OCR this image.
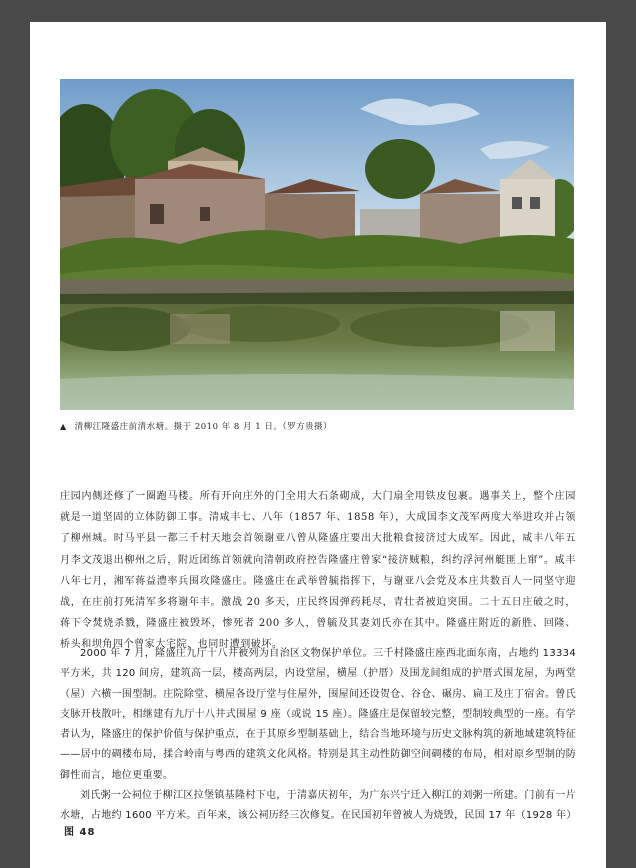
▲ 清柳江隆盛庄前清水塘。摄于 2010 年 8 月 1 日。（罗方贵摄）

庄园内侧还修了一圈跑马楼。所有开向庄外的门全用大石条砌成，大门扇全用铁皮包裹。遇事关上，整个庄园就是一道坚固的立体防御工事。清咸丰七、八年（1857 年、1858 年），大成国李文茂军两度大举进攻并占领了柳州城。时马平县一都三千村天地会首领谢亚八曾从隆盛庄要出大批粮食接济过大成军。因此，咸丰八年五月李文茂退出柳州之后，附近团练首领就向清朝政府控告隆盛庄曾家“接济贼粮，纠约浮河州艇匪上窜”。咸丰八年七月，湘军蒋益澧率兵围攻隆盛庄。隆盛庄在武举曾毓指挥下，与谢亚八会党及本庄共数百人一同坚守迎战，在庄前打死清军多将谢年丰。激战 20 多天，庄民终因弹药耗尽，青壮者被迫突围。二十五日庄破之时，蒋下令焚烧杀戮，隆盛庄被毁坏，惨死者 200 多人，曾毓及其妻刘氏亦在其中。隆盛庄附近的新胜、回隆、桥头和坝角四个曾家大宅院，也同时遭到破坏。

2000 年 7 月，隆盛庄九厅十八井被列为自治区文物保护单位。三千村隆盛庄座西北面东南，占地约 13334 平方米，共 120 间房，建筑高一层，楼高两层，内设堂屋，横屋（护厝）及围龙间组成的护厝式围龙屋，为两堂（屋）六横一围型制。庄院除堂、横屋各设厅堂与住屋外，围屋间还设贺仓、谷仓、碾房、扁工及庄丁宿舍。曾氏支脉开枝散叶，相继建有九厅十八井式围屋 9 座（或说 15 座）。隆盛庄是保留较完整，型制较典型的一座。有学者认为，隆盛庄的保护价值与保护重点，在于其原乡型制基础上，结合当地环境与历史文脉构筑的新地域建筑特征——居中的碉楼布局，揉合岭南与粤西的建筑文化风格。特别是其主动性防御空间碉楼的布局，相对原乡型制的防御性而言，地位更重要。

刘氏粥一公祠位于柳江区拉堡镇基隆村下屯，于清嘉庆初年，为广东兴宁迁入柳江的刘粥一所建。门前有一片水塘，占地约 1600 平方米。百年来，该公祠历经三次修复。在民国初年曾被人为烧毁，民国 17 年（1928 年）

图 48
